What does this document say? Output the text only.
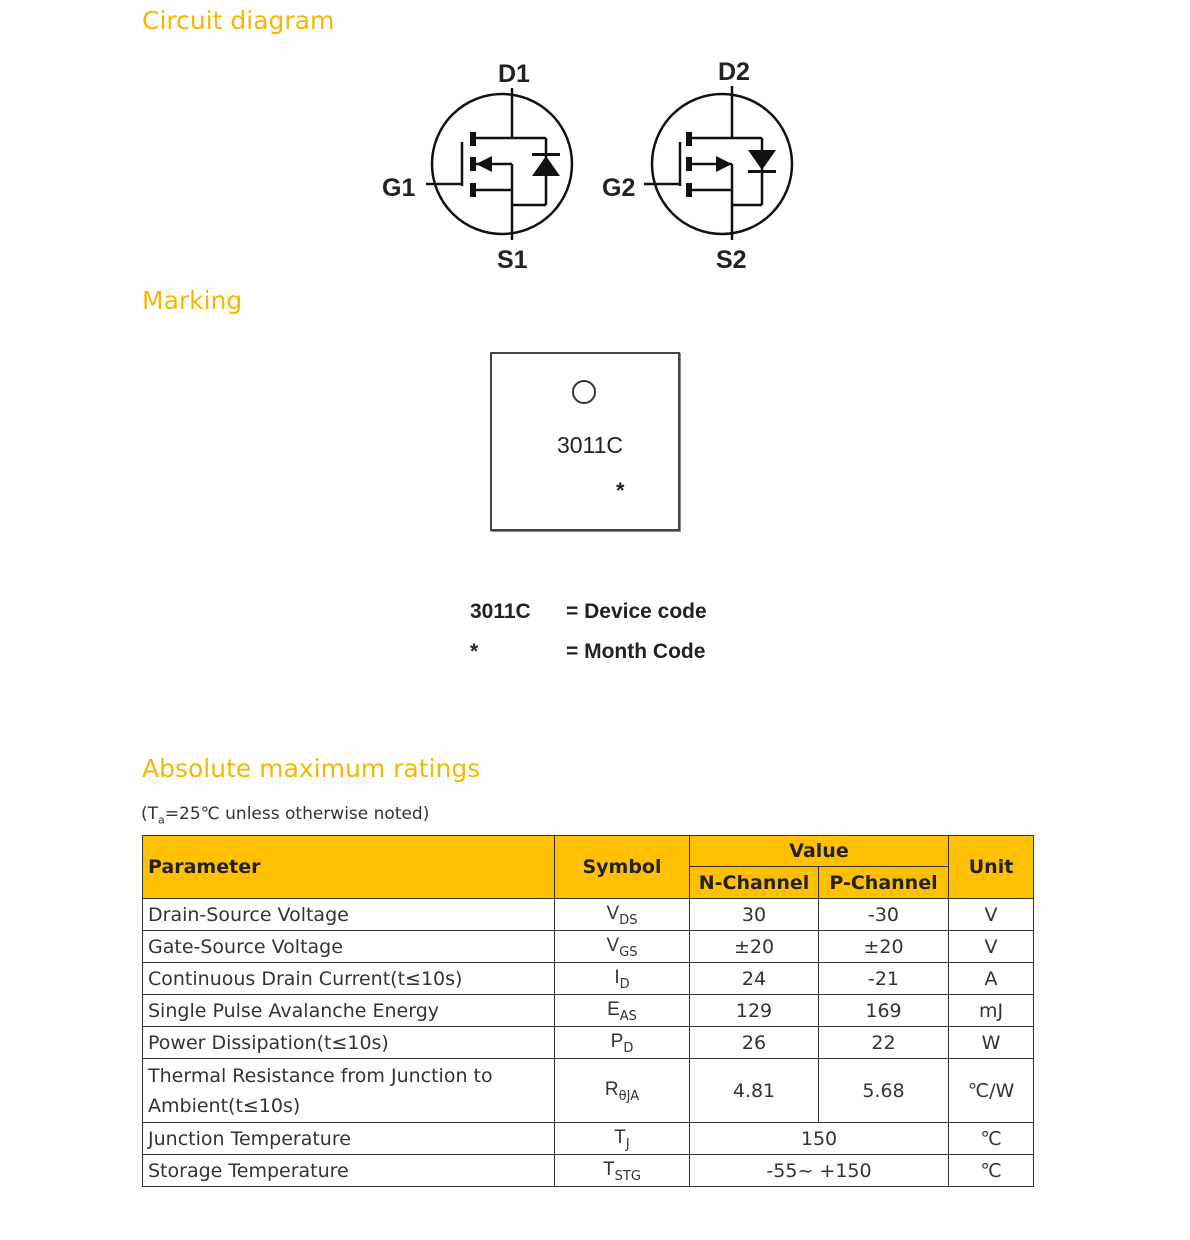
Circuit diagram
D1
G1
S1
D2
G2
S2
Marking
3011C
*
3011C = Device code
*	= Month Code
Absolute maximum ratings
($T_a=25℃$ unless otherwise noted)
Parameter	Symbol	Value		Unit
		N-Channel	P-Channel	
Drain-Source Voltage	$V_{DS}$	30	-30	V
Gate-Source Voltage	$V_{GS}$	±20	±20	V
Continuous Drain Current(t≤10s)	$I_D$	24	-21	A
Single Pulse Avalanche Energy	$E_{AS}$	129	169	mJ
Power Dissipation(t≤10s)	$P_D$	26	22	W
Thermal Resistance from Junction to Ambient(t≤10s)	$R_{\theta JA}$	4.81	5.68	℃/W
Junction Temperature	$T_J$	150		℃
Storage Temperature	$T_{STG}$	-55~ +150		℃
